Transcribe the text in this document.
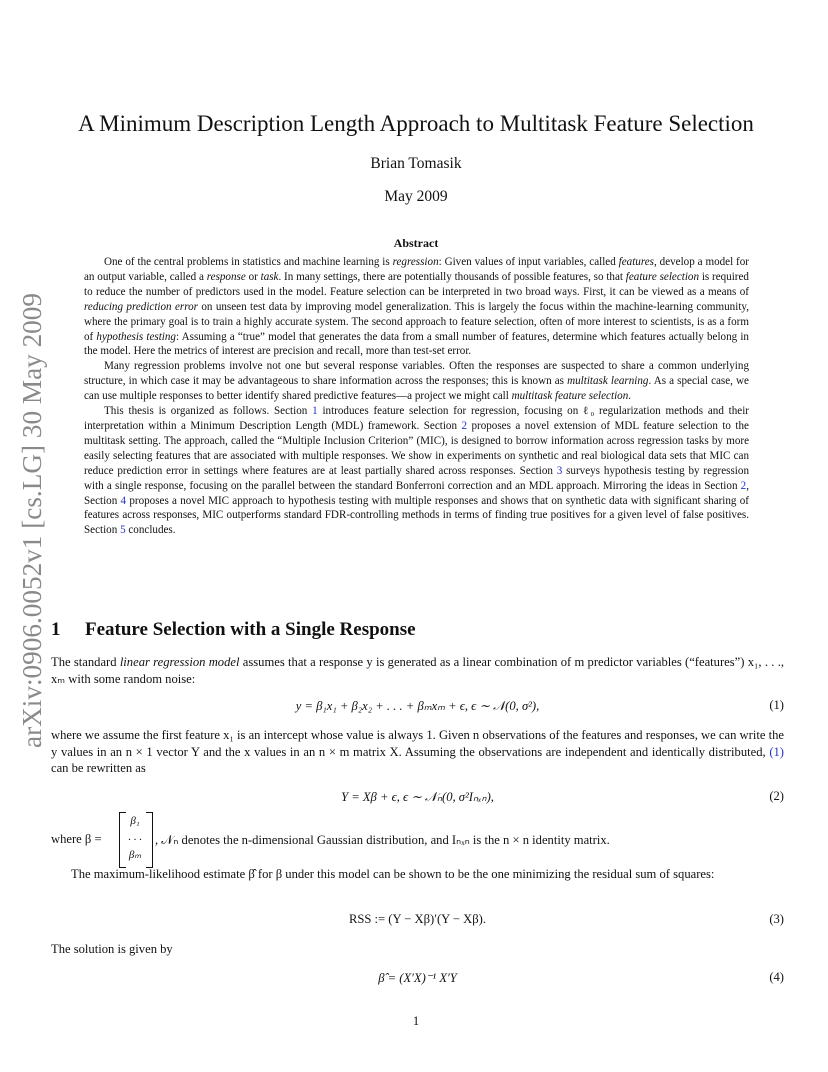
arXiv:0906.0052v1 [cs.LG] 30 May 2009
A Minimum Description Length Approach to Multitask Feature Selection
Brian Tomasik
May 2009
Abstract

One of the central problems in statistics and machine learning is regression: Given values of input variables, called features, develop a model for an output variable, called a response or task. In many settings, there are potentially thousands of possible features, so that feature selection is required to reduce the number of predictors used in the model. Feature selection can be interpreted in two broad ways. First, it can be viewed as a means of reducing prediction error on unseen test data by improving model generalization. This is largely the focus within the machine-learning community, where the primary goal is to train a highly accurate system. The second approach to feature selection, often of more interest to scientists, is as a form of hypothesis testing: Assuming a “true” model that generates the data from a small number of features, determine which features actually belong in the model. Here the metrics of interest are precision and recall, more than test-set error.

Many regression problems involve not one but several response variables. Often the responses are suspected to share a common underlying structure, in which case it may be advantageous to share information across the responses; this is known as multitask learning. As a special case, we can use multiple responses to better identify shared predictive features—a project we might call multitask feature selection.

This thesis is organized as follows. Section 1 introduces feature selection for regression, focusing on ℓ₀ regularization methods and their interpretation within a Minimum Description Length (MDL) framework. Section 2 proposes a novel extension of MDL feature selection to the multitask setting. The approach, called the “Multiple Inclusion Criterion” (MIC), is designed to borrow information across regression tasks by more easily selecting features that are associated with multiple responses. We show in experiments on synthetic and real biological data sets that MIC can reduce prediction error in settings where features are at least partially shared across responses. Section 3 surveys hypothesis testing by regression with a single response, focusing on the parallel between the standard Bonferroni correction and an MDL approach. Mirroring the ideas in Section 2, Section 4 proposes a novel MIC approach to hypothesis testing with multiple responses and shows that on synthetic data with significant sharing of features across responses, MIC outperforms standard FDR-controlling methods in terms of finding true positives for a given level of false positives. Section 5 concludes.

1 Feature Selection with a Single Response

The standard linear regression model assumes that a response y is generated as a linear combination of m predictor variables (“features”) x₁, . . ., xₘ with some random noise:

y = β₁x₁ + β₂x₂ + . . . + βₘxₘ + ϵ, ϵ ∼ 𝒩(0, σ²),	(1)

where we assume the first feature x₁ is an intercept whose value is always 1. Given n observations of the features and responses, we can write the y values in an n × 1 vector Y and the x values in an n × m matrix X. Assuming the observations are independent and identically distributed, (1) can be rewritten as

Y = Xβ + ϵ, ϵ ∼ 𝒩ₙ(0, σ²Iₙₓₙ),	(2)
where β =
β₁
. . .
βₘ
, 𝒩ₙ denotes the n-dimensional Gaussian distribution, and Iₙₓₙ is the n × n identity matrix.

The maximum-likelihood estimate β̂ for β under this model can be shown to be the one minimizing the residual sum of squares:

RSS := (Y − Xβ)′(Y − Xβ).	(3)

The solution is given by

β̂ = (X′X)⁻¹ X′Y	(4)
1
